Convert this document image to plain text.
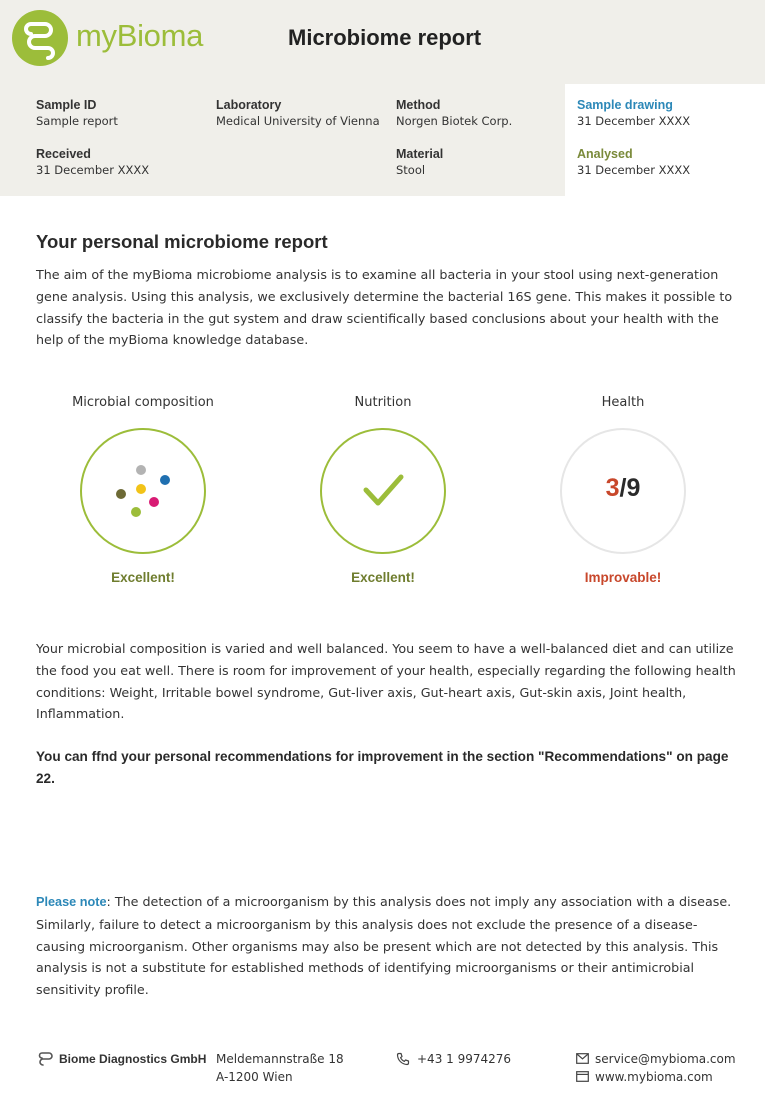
myBioma	Microbiome report
Sample ID
Sample report
Laboratory
Medical University of Vienna
Method
Norgen Biotek Corp.
Sample drawing
31 December XXXX
Received
31 December XXXX
Material
Stool
Analysed
31 December XXXX
Your personal microbiome report
The aim of the myBioma microbiome analysis is to examine all bacteria in your stool using next-generation gene analysis. Using this analysis, we exclusively determine the bacterial 16S gene. This makes it possible to classify the bacteria in the gut system and draw scientifically based conclusions about your health with the help of the myBioma knowledge database.
Microbial composition
Excellent!
Nutrition
Excellent!
Health
3/9
Improvable!
Your microbial composition is varied and well balanced. You seem to have a well-balanced diet and can utilize the food you eat well. There is room for improvement of your health, especially regarding the following health conditions: Weight, Irritable bowel syndrome, Gut-liver axis, Gut-heart axis, Gut-skin axis, Joint health, Inflammation.
You can ffnd your personal recommendations for improvement in the section "Recommendations" on page 22.
Please note: The detection of a microorganism by this analysis does not imply any association with a disease. Similarly, failure to detect a microorganism by this analysis does not exclude the presence of a disease-causing microorganism. Other organisms may also be present which are not detected by this analysis. This analysis is not a substitute for established methods of identifying microorganisms or their antimicrobial sensitivity profile.
Biome Diagnostics GmbH Meldemannstraße 18
A-1200 Wien
+43 1 9974276	service@mybioma.com
www.mybioma.com
